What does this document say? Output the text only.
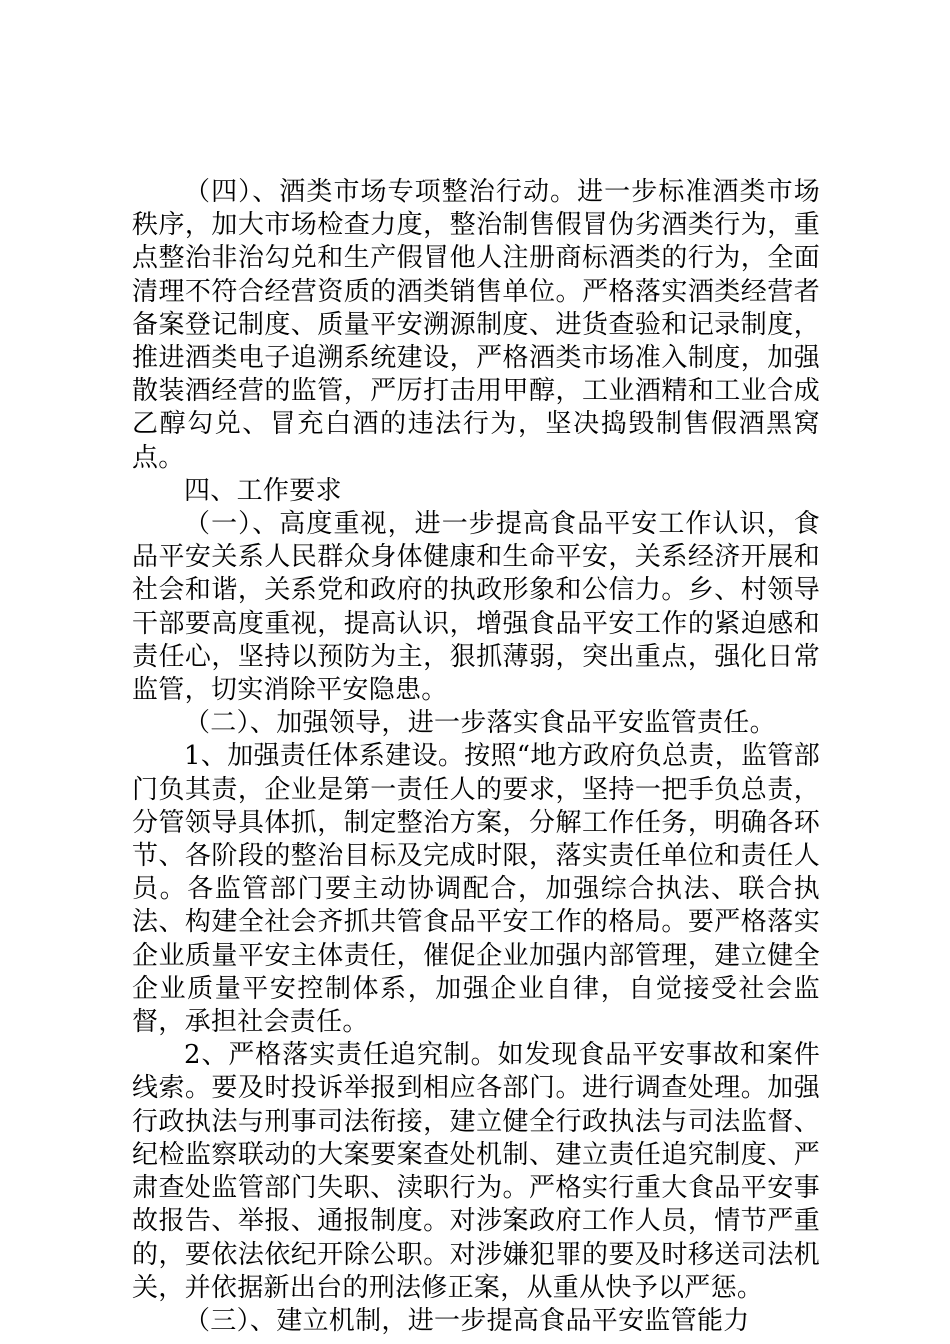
（四）、酒类市场专项整治行动。进一步标准酒类市场秩序，加大市场检查力度，整治制售假冒伪劣酒类行为，重点整治非治勾兑和生产假冒他人注册商标酒类的行为，全面清理不符合经营资质的酒类销售单位。严格落实酒类经营者备案登记制度、质量平安溯源制度、进货查验和记录制度，推进酒类电子追溯系统建设，严格酒类市场准入制度，加强散装酒经营的监管，严厉打击用甲醇，工业酒精和工业合成乙醇勾兑、冒充白酒的违法行为，坚决捣毁制售假酒黑窝点。

四、工作要求

（一）、高度重视，进一步提高食品平安工作认识，食品平安关系人民群众身体健康和生命平安，关系经济开展和社会和谐，关系党和政府的执政形象和公信力。乡、村领导干部要高度重视，提高认识，增强食品平安工作的紧迫感和责任心，坚持以预防为主，狠抓薄弱，突出重点，强化日常监管，切实消除平安隐患。

（二）、加强领导，进一步落实食品平安监管责任。

1、加强责任体系建设。按照“地方政府负总责，监管部门负其责，企业是第一责任人的要求，坚持一把手负总责，分管领导具体抓，制定整治方案，分解工作任务，明确各环节、各阶段的整治目标及完成时限，落实责任单位和责任人员。各监管部门要主动协调配合，加强综合执法、联合执法、构建全社会齐抓共管食品平安工作的格局。要严格落实企业质量平安主体责任，催促企业加强内部管理，建立健全企业质量平安控制体系，加强企业自律，自觉接受社会监督，承担社会责任。

2、严格落实责任追究制。如发现食品平安事故和案件线索。要及时投诉举报到相应各部门。进行调查处理。加强行政执法与刑事司法衔接，建立健全行政执法与司法监督、纪检监察联动的大案要案查处机制、建立责任追究制度、严肃查处监管部门失职、渎职行为。严格实行重大食品平安事故报告、举报、通报制度。对涉案政府工作人员，情节严重的，要依法依纪开除公职。对涉嫌犯罪的要及时移送司法机关，并依据新出台的刑法修正案，从重从快予以严惩。

（三）、建立机制，进一步提高食品平安监管能力
